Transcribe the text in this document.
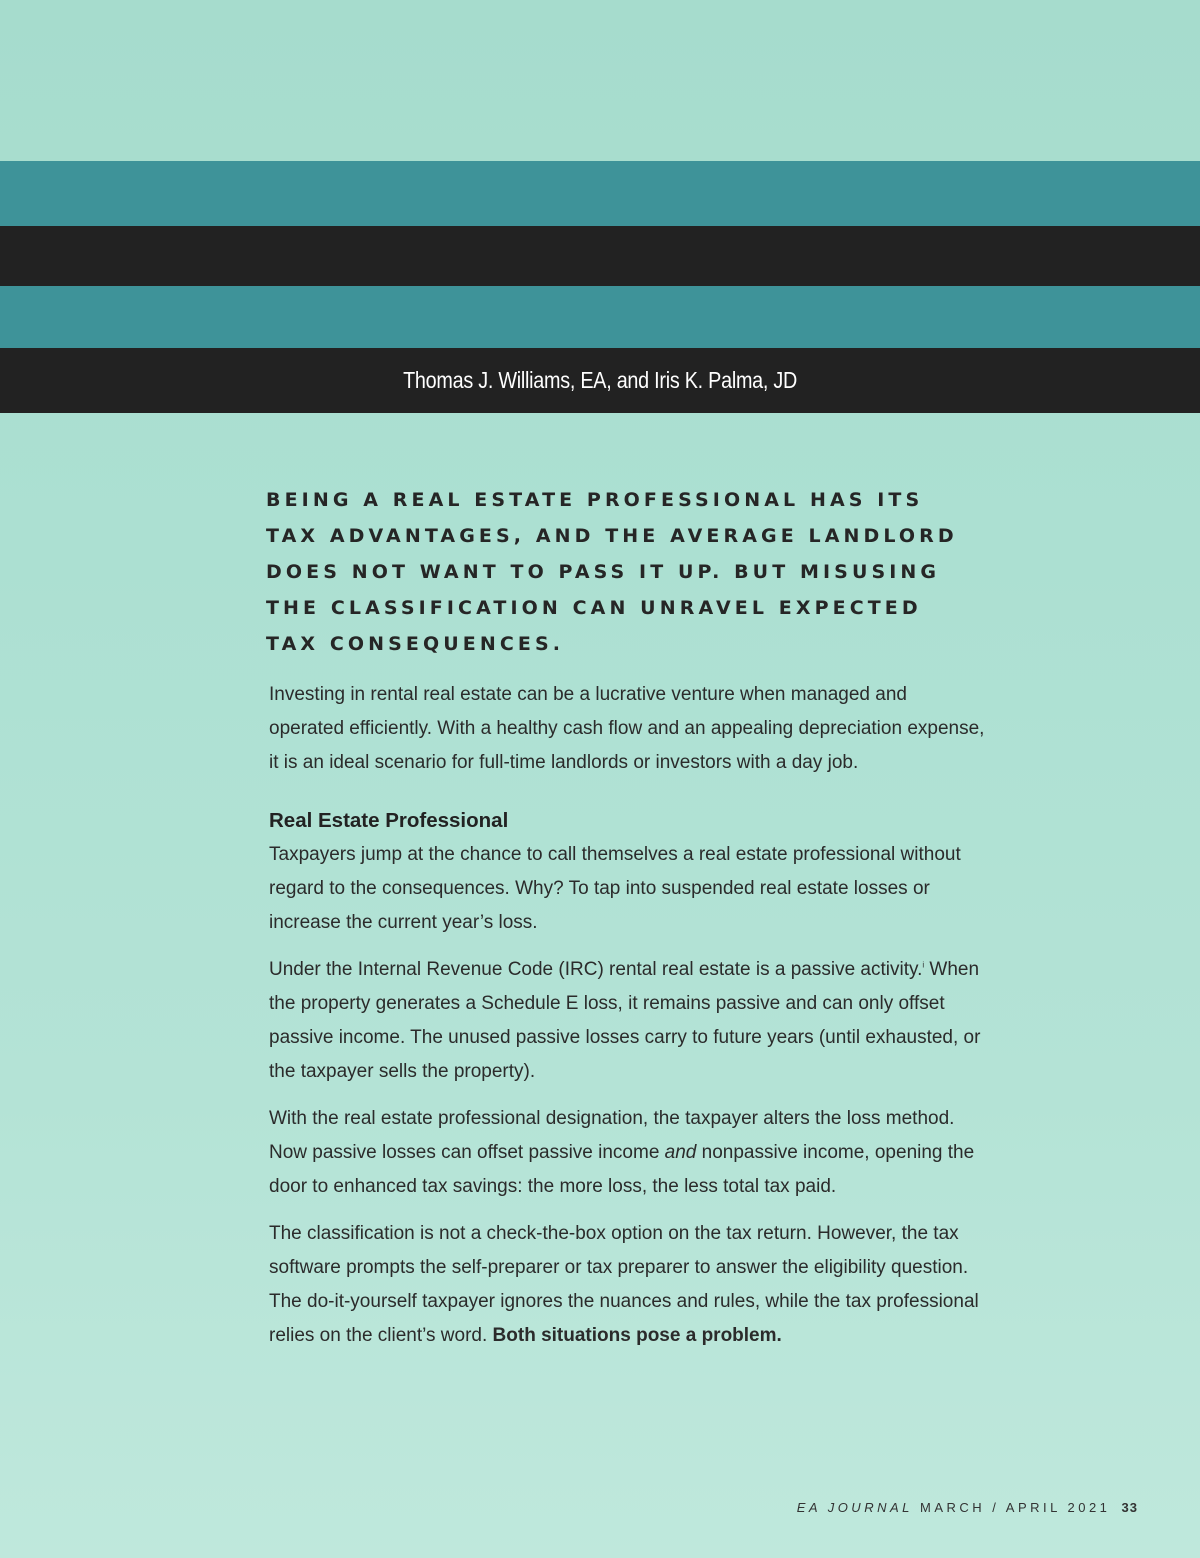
Thomas J. Williams, EA, and Iris K. Palma, JD
BEING A REAL ESTATE PROFESSIONAL HAS ITS
TAX ADVANTAGES, AND THE AVERAGE LANDLORD
DOES NOT WANT TO PASS IT UP. BUT MISUSING
THE CLASSIFICATION CAN UNRAVEL EXPECTED
TAX CONSEQUENCES.

Investing in rental real estate can be a lucrative venture when managed and operated efficiently. With a healthy cash flow and an appealing depreciation expense, it is an ideal scenario for full-time landlords or investors with a day job.

Real Estate Professional

Taxpayers jump at the chance to call themselves a real estate professional without regard to the consequences. Why? To tap into suspended real estate losses or increase the current year’s loss.

Under the Internal Revenue Code (IRC) rental real estate is a passive activity.$^i$ When the property generates a Schedule E loss, it remains passive and can only offset passive income. The unused passive losses carry to future years (until exhausted, or the taxpayer sells the property).

With the real estate professional designation, the taxpayer alters the loss method. Now passive losses can offset passive income and nonpassive income, opening the door to enhanced tax savings: the more loss, the less total tax paid.

The classification is not a check-the-box option on the tax return. However, the tax software prompts the self-preparer or tax preparer to answer the eligibility question. The do-it-yourself taxpayer ignores the nuances and rules, while the tax professional relies on the client’s word. Both situations pose a problem.

EA JOURNAL MARCH / APRIL 2021 33
